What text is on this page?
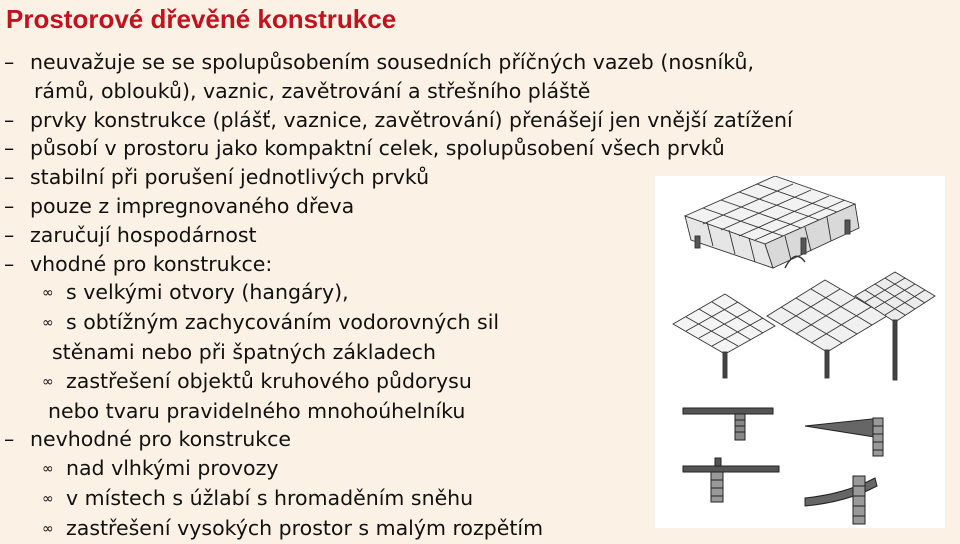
Prostorové dřevěné konstrukce
– neuvažuje se se spolupůsobením sousedních příčných vazeb (nosníků,
rámů, oblouků), vaznic, zavětrování a střešního pláště
– prvky konstrukce (plášť, vaznice, zavětrování) přenášejí jen vnější zatížení
– působí v prostoru jako kompaktní celek, spolupůsobení všech prvků
– stabilní při porušení jednotlivých prvků
– pouze z impregnovaného dřeva
– zaručují hospodárnost
– vhodné pro konstrukce:
∞ s velkými otvory (hangáry),
∞ s obtížným zachycováním vodorovných sil
stěnami nebo při špatných základech
∞ zastřešení objektů kruhového půdorysu
nebo tvaru pravidelného mnohoúhelníku
– nevhodné pro konstrukce
∞ nad vlhkými provozy
∞ v místech s úžlabí s hromaděním sněhu
∞ zastřešení vysokých prostor s malým rozpětím
